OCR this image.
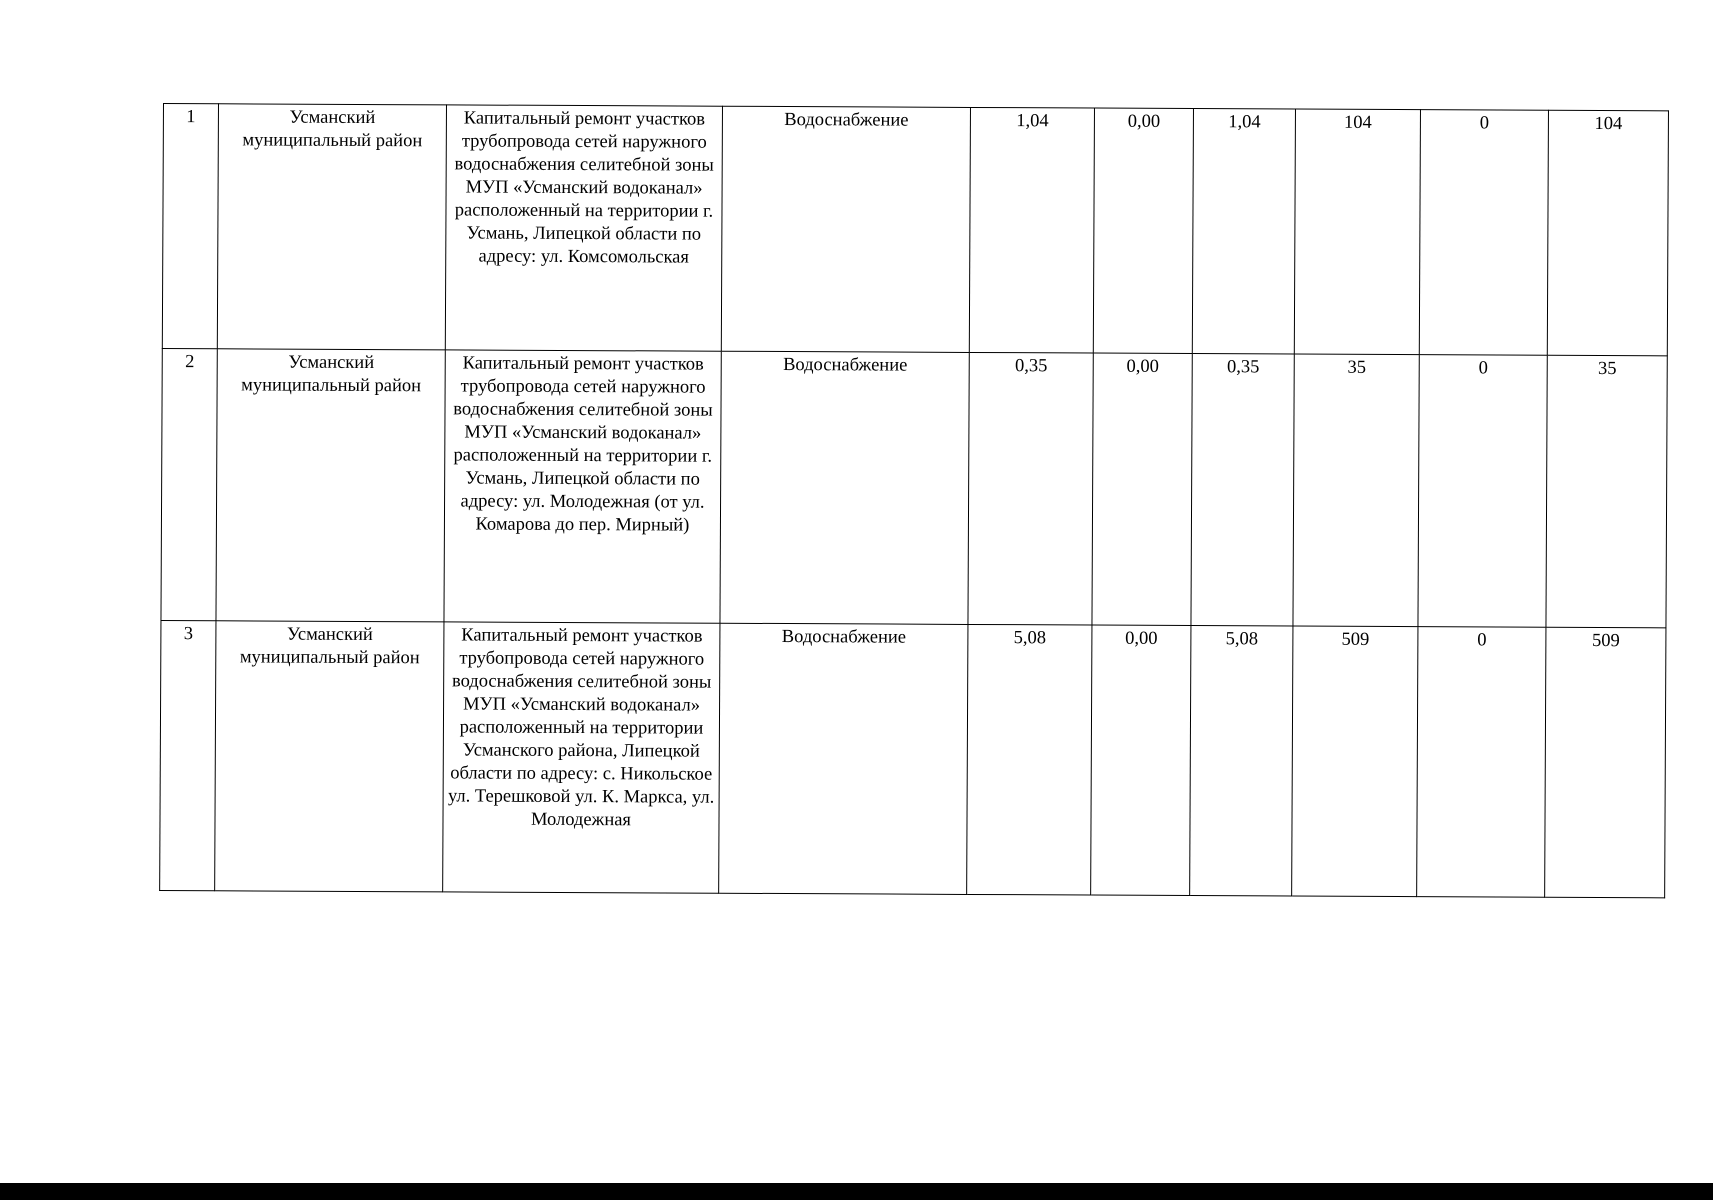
1	Усманский муниципальный район	Капитальный ремонт участков трубопровода сетей наружного водоснабжения селитебной зоны МУП «Усманский водоканал» расположенный на территории г. Усмань, Липецкой области по адресу: ул. Комсомольская	Водоснабжение	1,04	0,00	1,04	104	0	104
2	Усманский муниципальный район	Капитальный ремонт участков трубопровода сетей наружного водоснабжения селитебной зоны МУП «Усманский водоканал» расположенный на территории г. Усмань, Липецкой области по адресу: ул. Молодежная (от ул. Комарова до пер. Мирный)	Водоснабжение	0,35	0,00	0,35	35	0	35
3	Усманский муниципальный район	Капитальный ремонт участков трубопровода сетей наружного водоснабжения селитебной зоны МУП «Усманский водоканал» расположенный на территории Усманского района, Липецкой области по адресу: с. Никольское ул. Терешковой ул. К. Маркса, ул. Молодежная	Водоснабжение	5,08	0,00	5,08	509	0	509
